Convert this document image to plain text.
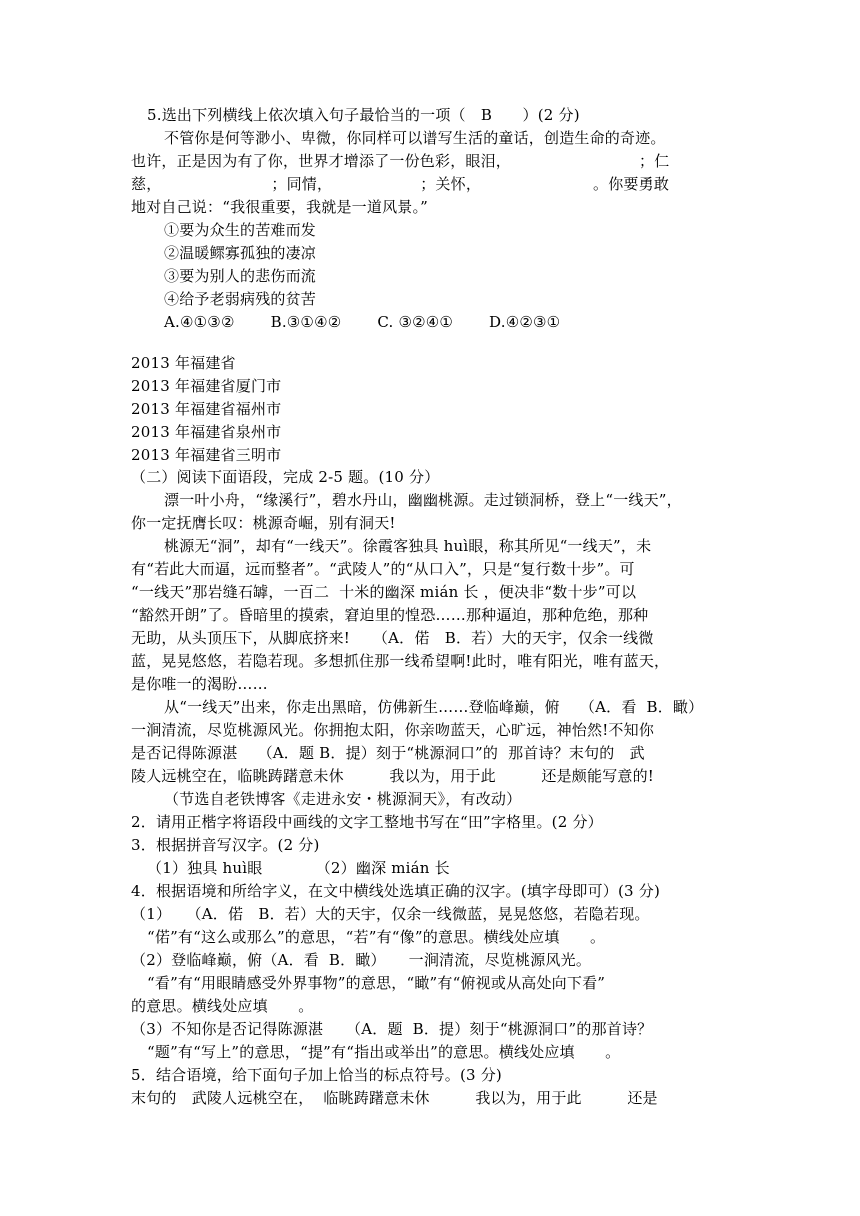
5.选出下列横线上依次填入句子最恰当的一项（　B　　）(2 分)
不管你是何等渺小、卑微，你同样可以谱写生活的童话，创造生命的奇迹。
也许，正是因为有了你，世界才增添了一份色彩，眼泪，	；仁
慈，	；同情，	；关怀，	。你要勇敢
地对自己说：“我很重要，我就是一道风景。”
①要为众生的苦难而发
②温暖鳏寡孤独的凄凉
③要为别人的悲伤而流
④给予老弱病残的贫苦
A.④①③② B.③①④② C. ③②④① D.④②③①
2013 年福建省
2013 年福建省厦门市
2013 年福建省福州市
2013 年福建省泉州市
2013 年福建省三明市
（二）阅读下面语段，完成 2-5 题。(10 分）
漂一叶小舟，“缘溪行”，碧水丹山，幽幽桃源。走过锁洞桥，登上“一线天”，
你一定抚膺长叹：桃源奇崛，别有洞天!
桃源无“洞”，却有“一线天”。徐霞客独具 huì眼，称其所见“一线天”，未
有“若此大而逼，远而整者”。“武陵人”的“从口入”，只是“复行数十步”。可
“一线天”那岩缝石罅，一百二  十米的幽深 mián 长 ，便决非“数十步”可以
“豁然开朗”了。昏暗里的摸索，窘迫里的惶恐……那种逼迫，那种危绝，那种
无助，从头顶压下，从脚底挤来!　　（A．偌　B．若）大的天宇，仅余一线微
蓝，晃晃悠悠，若隐若现。多想抓住那一线希望啊!此时，唯有阳光，唯有蓝天，
是你唯一的渴盼……
从“一线天”出来，你走出黑暗，仿佛新生……登临峰巅，俯　 （A．看  B．瞰）
一涧清流，尽览桃源风光。你拥抱太阳，你亲吻蓝天，心旷远，神怡然!不知你
是否记得陈源湛　 （A．题 B．提）刻于“桃源洞口”的  那首诗？末句的　武
陵人远桃空在，临眺踌躇意未休　　　我以为，用于此　　　还是颇能写意的!
（节选自老铁博客《走进永安・桃源洞天》，有改动）
2．请用正楷字将语段中画线的文字工整地书写在“田”字格里。(2 分）
3．根据拼音写汉字。(2 分)
（1）独具 huì眼　　　　（2）幽深 mián 长
4．根据语境和所给字义，在文中横线处选填正确的汉字。(填字母即可）(3 分)
（1）　　（A．偌　B．若）大的天宇，仅余一线微蓝，晃晃悠悠，若隐若现。
“偌”有“这么或那么”的意思，“若”有“像”的意思。横线处应填　　。
（2）登临峰巅，俯（A．看  B．瞰）　　一涧清流，尽览桃源风光。
“看”有“用眼睛感受外界事物”的意思，“瞰”有“俯视或从高处向下看”
的意思。横线处应填　　。
（3）不知你是否记得陈源湛　　（A．题  B．提）刻于“桃源洞口”的那首诗？
“题”有“写上”的意思，“提”有“指出或举出”的意思。横线处应填　　。
5．结合语境，给下面句子加上恰当的标点符号。(3 分)
末句的　武陵人远桃空在，  临眺踌躇意未休　　　我以为，用于此　　　还是
